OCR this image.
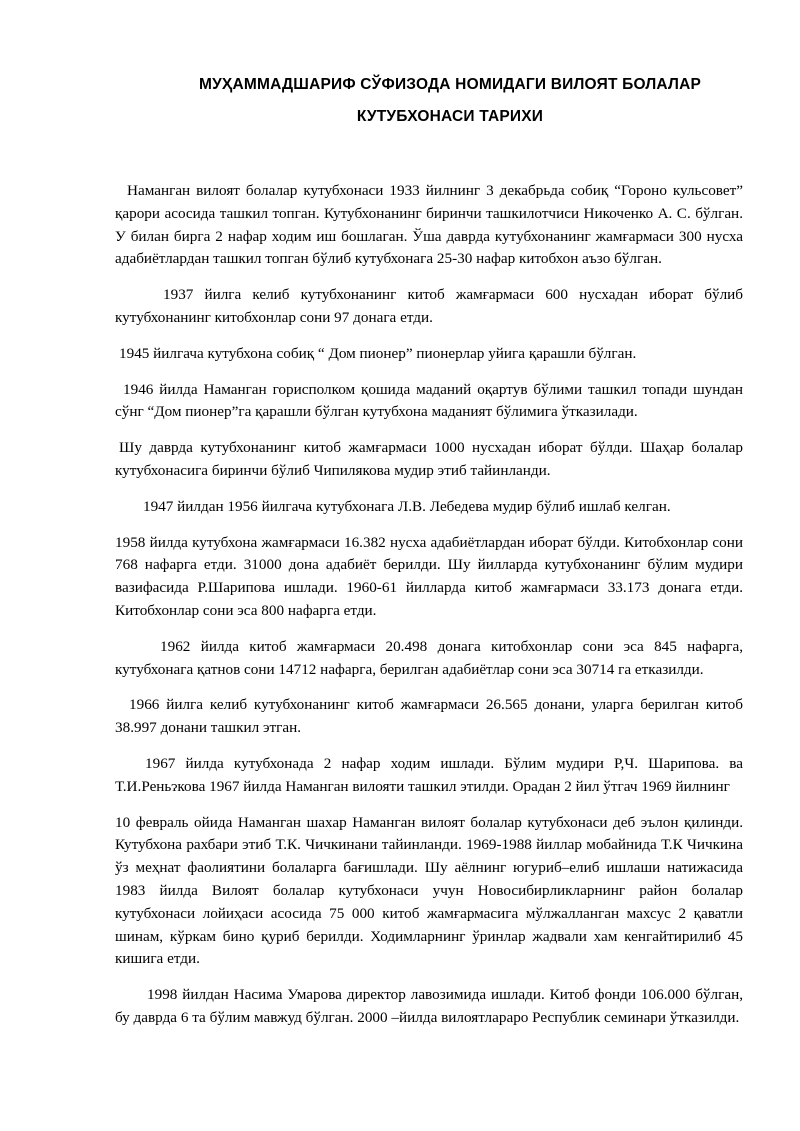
МУҲАММАДШАРИФ СЎФИЗОДА НОМИДАГИ ВИЛОЯТ БОЛАЛАР
КУТУБХОНАСИ ТАРИХИ

Наманган вилоят болалар кутубхонаси 1933 йилнинг 3 декабрьда собиқ “Гороно кульсовет” қарори асосида ташкил топган. Кутубхонанинг биринчи ташкилотчиси Никоченко А. С. бўлган. У билан бирга 2 нафар ходим иш бошлаган. Ўша даврда кутубхонанинг жамғармаси 300 нусха адабиётлардан ташкил топган бўлиб кутубхонага 25-30 нафар китобхон аъзо бўлган.

1937 йилга келиб кутубхонанинг китоб жамғармаси 600 нусхадан иборат бўлиб кутубхонанинг китобхонлар сони 97 донага етди.

1945 йилгача кутубхона собиқ “ Дом пионер” пионерлар уйига қарашли бўлган.

1946 йилда Наманган горисполком қошида маданий оқартув бўлими ташкил топади шундан сўнг “Дом пионер”га қарашли бўлган кутубхона маданият бўлимига ўтказилади.

Шу даврда кутубхонанинг китоб жамғармаси 1000 нусхадан иборат бўлди. Шаҳар болалар кутубхонасига биринчи бўлиб Чипилякова мудир этиб тайинланди.

1947 йилдан 1956 йилгача кутубхонага Л.В. Лебедева мудир бўлиб ишлаб келган.

1958 йилда кутубхона жамғармаси 16.382 нусха адабиётлардан иборат бўлди. Китобхонлар сони 768 нафарга етди. 31000 дона адабиёт берилди. Шу йилларда кутубхонанинг бўлим мудири вазифасида Р.Шарипова ишлади. 1960-61 йилларда китоб жамғармаси 33.173 донага етди. Китобхонлар сони эса 800 нафарга етди.

1962 йилда китоб жамғармаси 20.498 донага китобхонлар сони эса 845 нафарга, кутубхонага қатнов сони 14712 нафарга, берилган адабиётлар сони эса 30714 га етказилди.

1966 йилга келиб кутубхонанинг китоб жамғармаси 26.565 донани, уларга берилган китоб 38.997 донани ташкил этган.

1967 йилда кутубхонада 2 нафар ходим ишлади. Бўлим мудири Р,Ч. Шарипова. ва Т.И.Реньɂкова 1967 йилда Наманган вилояти ташкил этилди. Орадан 2 йил ўтгач 1969 йилнинг

10 февраль ойида Наманган шахар Наманган вилоят болалар кутубхонаси деб эълон қилинди. Кутубхона рахбари этиб Т.К. Чичкинани тайинланди. 1969-1988 йиллар мобайнида Т.К Чичкина ўз меҳнат фаолиятини болаларга бағишлади. Шу аёлнинг югуриб–елиб ишлаши натижасида 1983 йилда Вилоят болалар кутубхонаси учун Новосибирликларнинг район болалар кутубхонаси лойиҳаси асосида 75 000 китоб жамғармасига мўлжалланган махсус 2 қаватли шинам, кўркам бино қуриб берилди. Ходимларнинг ўринлар жадвали хам кенгайтирилиб 45 кишига етди.

1998 йилдан Насима Умарова директор лавозимида ишлади. Китоб фонди 106.000 бўлган, бу даврда 6 та бўлим мавжуд бўлган. 2000 –йилда вилоятлараро Республик семинари ўтказилди.
